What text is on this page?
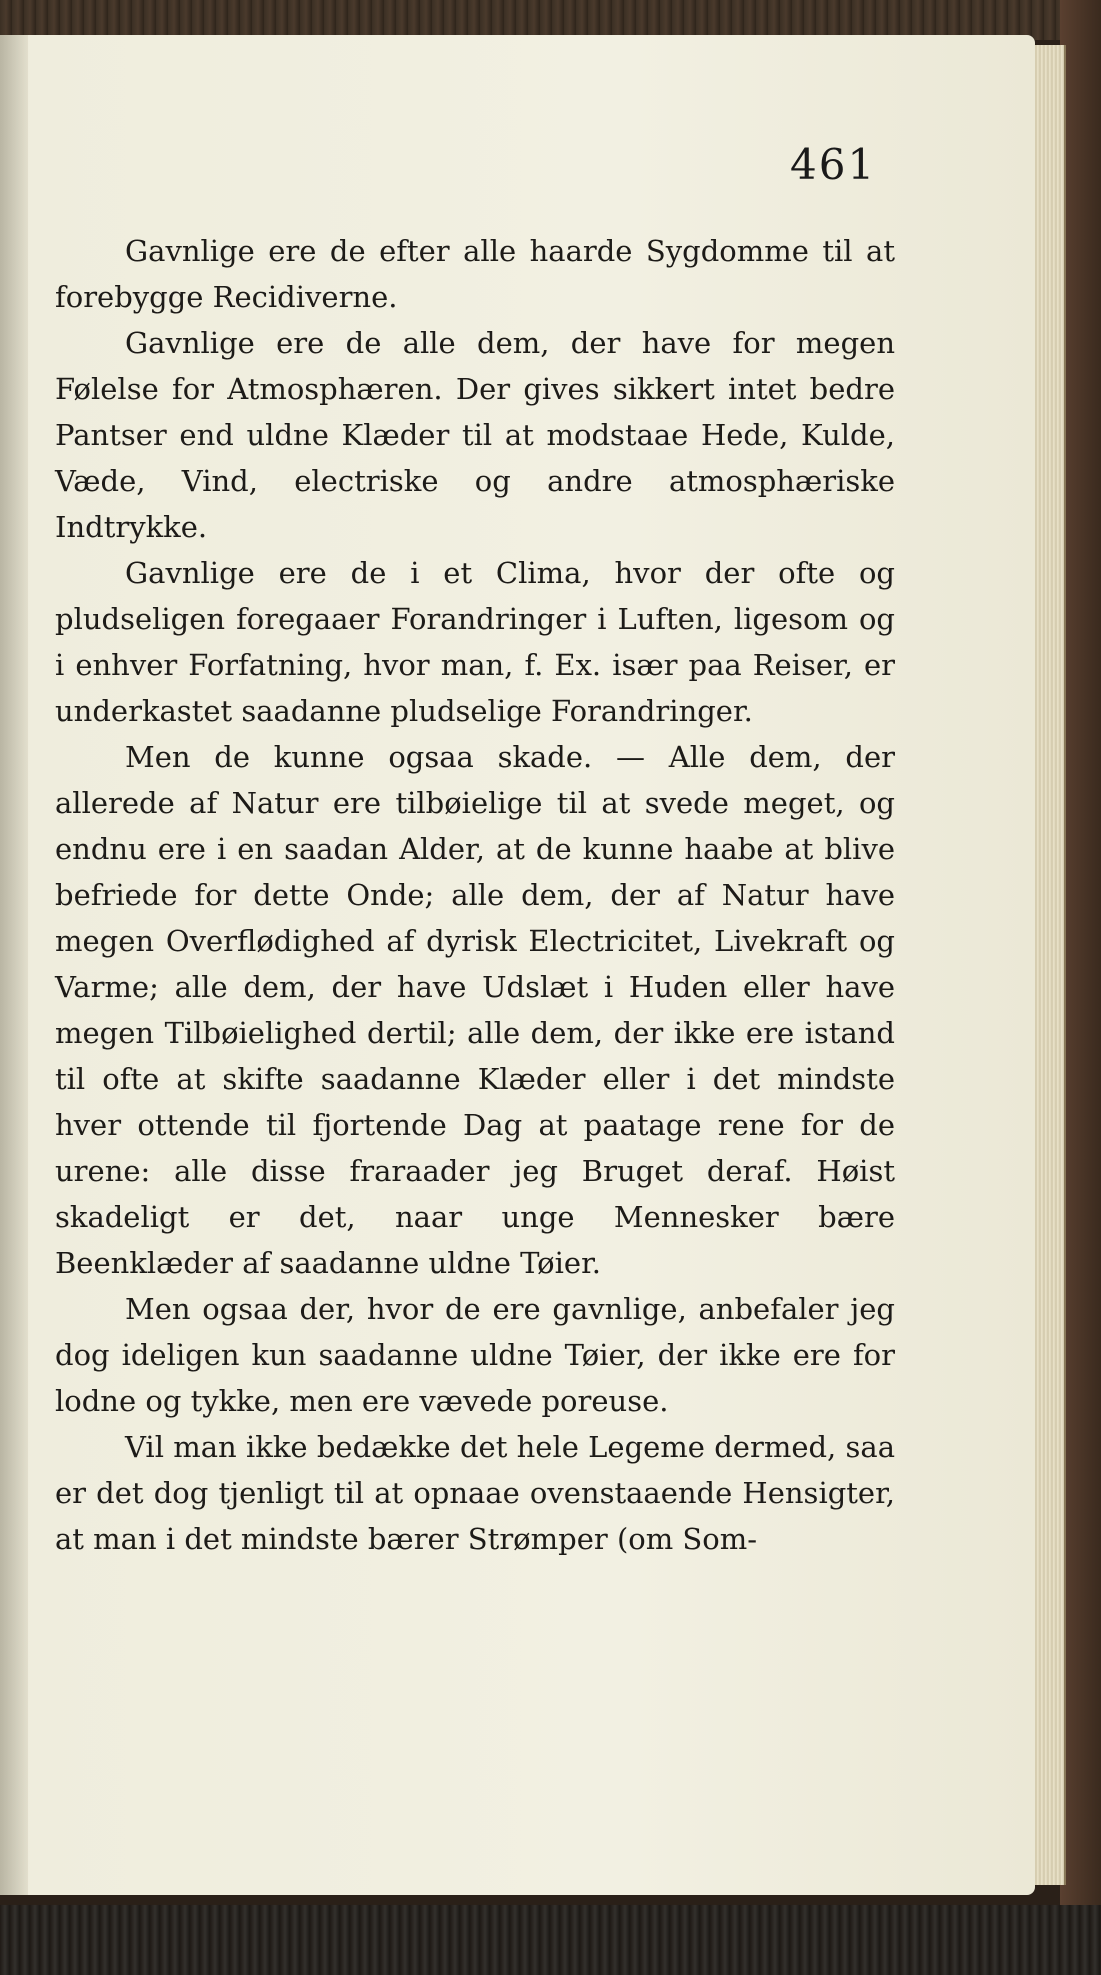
461

Gavnlige ere de efter alle haarde Sygdomme til at forebygge Recidiverne.

Gavnlige ere de alle dem, der have for megen Følelse for Atmosphæren. Der gives sikkert intet bedre Pantser end uldne Klæder til at modstaae Hede, Kulde, Væde, Vind, electriske og andre atmosphæriske Indtrykke.

Gavnlige ere de i et Clima, hvor der ofte og pludseligen foregaaer Forandringer i Luften, ligesom og i enhver Forfatning, hvor man, f. Ex. især paa Reiser, er underkastet saadanne pludselige Forandringer.

Men de kunne ogsaa skade. — Alle dem, der allerede af Natur ere tilbøielige til at svede meget, og endnu ere i en saadan Alder, at de kunne haabe at blive befriede for dette Onde; alle dem, der af Natur have megen Overflødighed af dyrisk Electricitet, Livekraft og Varme; alle dem, der have Udslæt i Huden eller have megen Tilbøielighed dertil; alle dem, der ikke ere istand til ofte at skifte saadanne Klæder eller i det mindste hver ottende til fjortende Dag at paatage rene for de urene: alle disse fraraader jeg Bruget deraf. Høist skadeligt er det, naar unge Mennesker bære Beenklæder af saadanne uldne Tøier.

Men ogsaa der, hvor de ere gavnlige, anbefaler jeg dog ideligen kun saadanne uldne Tøier, der ikke ere for lodne og tykke, men ere vævede poreuse.

Vil man ikke bedække det hele Legeme dermed, saa er det dog tjenligt til at opnaae ovenstaaende Hensigter, at man i det mindste bærer Strømper (om Som-
